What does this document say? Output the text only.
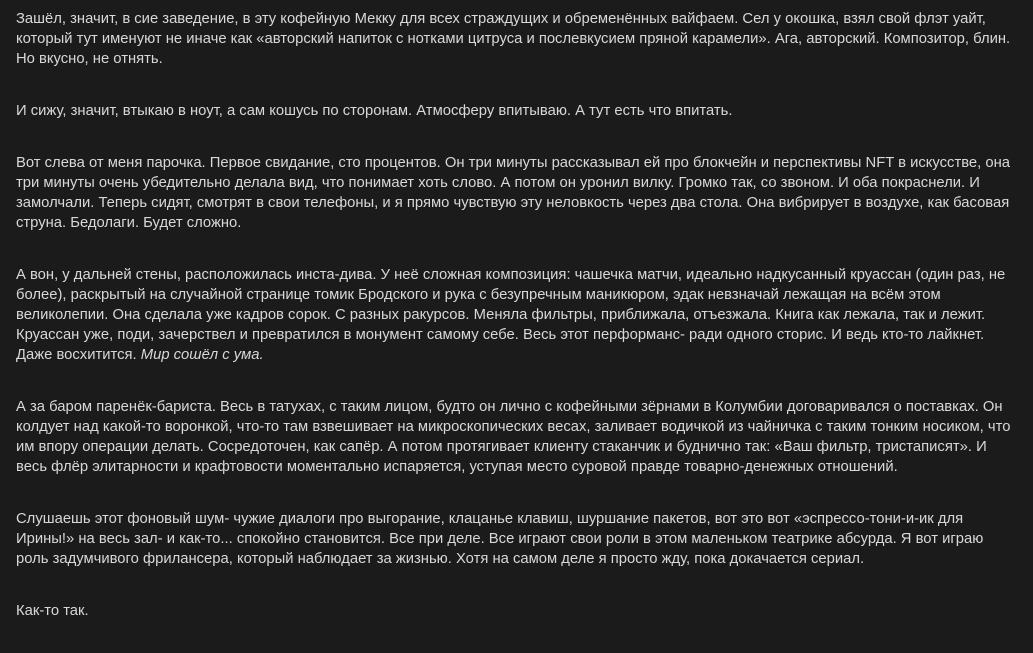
Зашёл, значит, в сие заведение, в эту кофейную Мекку для всех страждущих и обременённых вайфаем. Сел у окошка, взял свой флэт уайт, который тут именуют не иначе как «авторский напиток с нотками цитруса и послевкусием пряной карамели». Ага, авторский. Композитор, блин. Но вкусно, не отнять.

И сижу, значит, втыкаю в ноут, а сам кошусь по сторонам. Атмосферу впитываю. А тут есть что впитать.

Вот слева от меня парочка. Первое свидание, сто процентов. Он три минуты рассказывал ей про блокчейн и перспективы NFT в искусстве, она три минуты очень убедительно делала вид, что понимает хоть слово. А потом он уронил вилку. Громко так, со звоном. И оба покраснели. И замолчали. Теперь сидят, смотрят в свои телефоны, и я прямо чувствую эту неловкость через два стола. Она вибрирует в воздухе, как басовая струна. Бедолаги. Будет сложно.

А вон, у дальней стены, расположилась инста-дива. У неё сложная композиция: чашечка матчи, идеально надкусанный круассан (один раз, не более), раскрытый на случайной странице томик Бродского и рука с безупречным маникюром, эдак невзначай лежащая на всём этом великолепии. Она сделала уже кадров сорок. С разных ракурсов. Меняла фильтры, приближала, отъезжала. Книга как лежала, так и лежит. Круассан уже, поди, зачерствел и превратился в монумент самому себе. Весь этот перформанс- ради одного сторис. И ведь кто-то лайкнет. Даже восхитится. Мир сошёл с ума.

А за баром паренёк-бариста. Весь в татухах, с таким лицом, будто он лично с кофейными зёрнами в Колумбии договаривался о поставках. Он колдует над какой-то воронкой, что-то там взвешивает на микроскопических весах, заливает водичкой из чайничка с таким тонким носиком, что им впору операции делать. Сосредоточен, как сапёр. А потом протягивает клиенту стаканчик и буднично так: «Ваш фильтр, тристаписят». И весь флёр элитарности и крафтовости моментально испаряется, уступая место суровой правде товарно-денежных отношений.

Слушаешь этот фоновый шум- чужие диалоги про выгорание, клацанье клавиш, шуршание пакетов, вот это вот «эспрессо-тони-и-ик для Ирины!» на весь зал- и как-то... спокойно становится. Все при деле. Все играют свои роли в этом маленьком театрике абсурда. Я вот играю роль задумчивого фрилансера, который наблюдает за жизнью. Хотя на самом деле я просто жду, пока докачается сериал.

Как-то так.
